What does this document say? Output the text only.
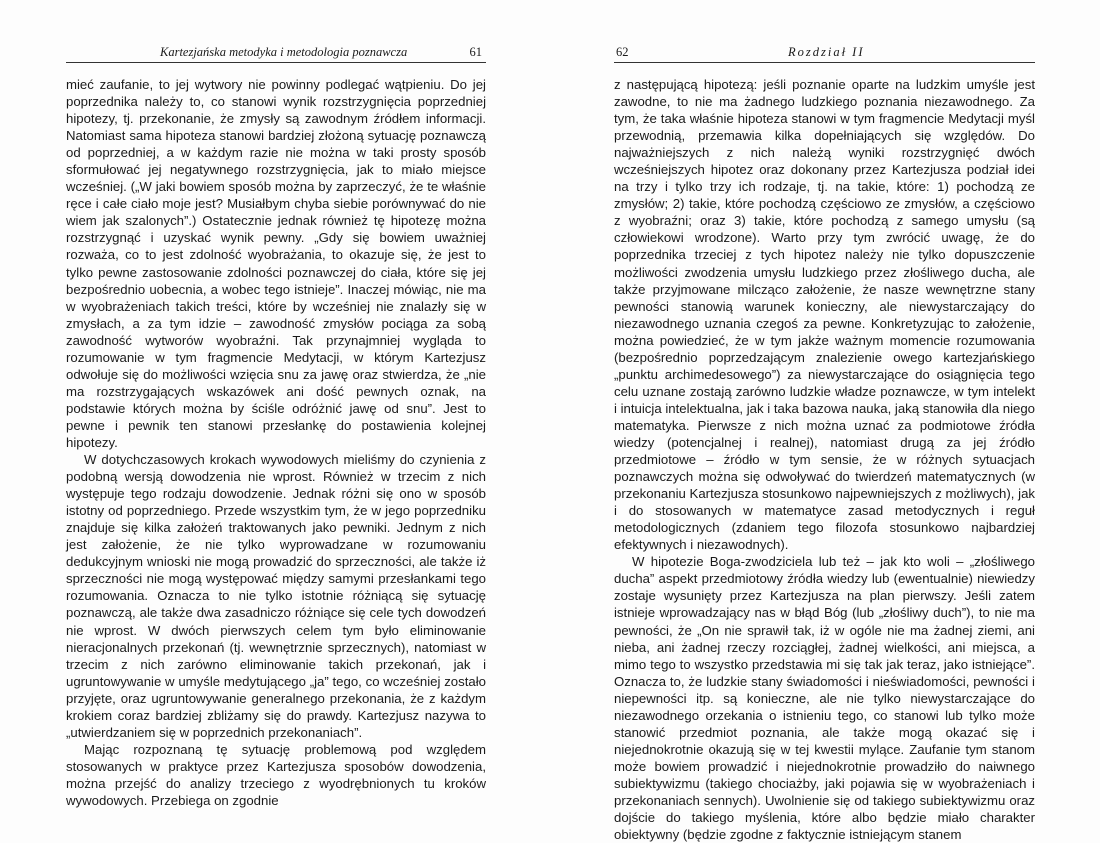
Kartezjańska metodyka i metodologia poznawcza	61

mieć zaufanie, to jej wytwory nie powinny podlegać wątpieniu. Do jej poprzednika należy to, co stanowi wynik rozstrzygnięcia poprzedniej hipotezy, tj. przekonanie, że zmysły są zawodnym źródłem informacji. Natomiast sama hipoteza stanowi bardziej złożoną sytuację poznawczą od poprzedniej, a w każdym razie nie można w taki prosty sposób sformułować jej negatywnego rozstrzygnięcia, jak to miało miejsce wcześniej. („W jaki bowiem sposób można by zaprzeczyć, że te właśnie ręce i całe ciało moje jest? Musiałbym chyba siebie porównywać do nie wiem jak szalonych”.) Ostatecznie jednak również tę hipotezę można rozstrzygnąć i uzyskać wynik pewny. „Gdy się bowiem uważniej rozważa, co to jest zdolność wyobrażania, to okazuje się, że jest to tylko pewne zastosowanie zdolności poznawczej do ciała, które się jej bezpośrednio uobecnia, a wobec tego istnieje”. Inaczej mówiąc, nie ma w wyobrażeniach takich treści, które by wcześniej nie znalazły się w zmysłach, a za tym idzie – zawodność zmysłów pociąga za sobą zawodność wytworów wyobraźni. Tak przynajmniej wygląda to rozumowanie w tym fragmencie Medytacji, w którym Kartezjusz odwołuje się do możliwości wzięcia snu za jawę oraz stwierdza, że „nie ma rozstrzygających wskazówek ani dość pewnych oznak, na podstawie których można by ściśle odróżnić jawę od snu”. Jest to pewne i pewnik ten stanowi przesłankę do postawienia kolejnej hipotezy.

W dotychczasowych krokach wywodowych mieliśmy do czynienia z podobną wersją dowodzenia nie wprost. Również w trzecim z nich występuje tego rodzaju dowodzenie. Jednak różni się ono w sposób istotny od poprzedniego. Przede wszystkim tym, że w jego poprzedniku znajduje się kilka założeń traktowanych jako pewniki. Jednym z nich jest założenie, że nie tylko wyprowadzane w rozumowaniu dedukcyjnym wnioski nie mogą prowadzić do sprzeczności, ale także iż sprzeczności nie mogą występować między samymi przesłankami tego rozumowania. Oznacza to nie tylko istotnie różniącą się sytuację poznawczą, ale także dwa zasadniczo różniące się cele tych dowodzeń nie wprost. W dwóch pierwszych celem tym było eliminowanie nieracjonalnych przekonań (tj. wewnętrznie sprzecznych), natomiast w trzecim z nich zarówno eliminowanie takich przekonań, jak i ugruntowywanie w umyśle medytującego „ja” tego, co wcześniej zostało przyjęte, oraz ugruntowywanie generalnego przekonania, że z każdym krokiem coraz bardziej zbliżamy się do prawdy. Kartezjusz nazywa to „utwierdzaniem się w poprzednich przekonaniach”.

Mając rozpoznaną tę sytuację problemową pod względem stosowanych w praktyce przez Kartezjusza sposobów dowodzenia, można przejść do analizy trzeciego z wyodrębnionych tu kroków wywodowych. Przebiega on zgodnie

62	Rozdział II

z następującą hipotezą: jeśli poznanie oparte na ludzkim umyśle jest zawodne, to nie ma żadnego ludzkiego poznania niezawodnego. Za tym, że taka właśnie hipoteza stanowi w tym fragmencie Medytacji myśl przewodnią, przemawia kilka dopełniających się względów. Do najważniejszych z nich należą wyniki rozstrzygnięć dwóch wcześniejszych hipotez oraz dokonany przez Kartezjusza podział idei na trzy i tylko trzy ich rodzaje, tj. na takie, które: 1) pochodzą ze zmysłów; 2) takie, które pochodzą częściowo ze zmysłów, a częściowo z wyobraźni; oraz 3) takie, które pochodzą z samego umysłu (są człowiekowi wrodzone). Warto przy tym zwrócić uwagę, że do poprzednika trzeciej z tych hipotez należy nie tylko dopuszczenie możliwości zwodzenia umysłu ludzkiego przez złośliwego ducha, ale także przyjmowane milcząco założenie, że nasze wewnętrzne stany pewności stanowią warunek konieczny, ale niewystarczający do niezawodnego uznania czegoś za pewne. Konkretyzując to założenie, można powiedzieć, że w tym jakże ważnym momencie rozumowania (bezpośrednio poprzedzającym znalezienie owego kartezjańskiego „punktu archimedesowego”) za niewystarczające do osiągnięcia tego celu uznane zostają zarówno ludzkie władze poznawcze, w tym intelekt i intuicja intelektualna, jak i taka bazowa nauka, jaką stanowiła dla niego matematyka. Pierwsze z nich można uznać za podmiotowe źródła wiedzy (potencjalnej i realnej), natomiast drugą za jej źródło przedmiotowe – źródło w tym sensie, że w różnych sytuacjach poznawczych można się odwoływać do twierdzeń matematycznych (w przekonaniu Kartezjusza stosunkowo najpewniejszych z możliwych), jak i do stosowanych w matematyce zasad metodycznych i reguł metodologicznych (zdaniem tego filozofa stosunkowo najbardziej efektywnych i niezawodnych).

W hipotezie Boga-zwodziciela lub też – jak kto woli – „złośliwego ducha” aspekt przedmiotowy źródła wiedzy lub (ewentualnie) niewiedzy zostaje wysunięty przez Kartezjusza na plan pierwszy. Jeśli zatem istnieje wprowadzający nas w błąd Bóg (lub „złośliwy duch”), to nie ma pewności, że „On nie sprawił tak, iż w ogóle nie ma żadnej ziemi, ani nieba, ani żadnej rzeczy rozciągłej, żadnej wielkości, ani miejsca, a mimo tego to wszystko przedstawia mi się tak jak teraz, jako istniejące”. Oznacza to, że ludzkie stany świadomości i nieświadomości, pewności i niepewności itp. są konieczne, ale nie tylko niewystarczające do niezawodnego orzekania o istnieniu tego, co stanowi lub tylko może stanowić przedmiot poznania, ale także mogą okazać się i niejednokrotnie okazują się w tej kwestii mylące. Zaufanie tym stanom może bowiem prowadzić i niejednokrotnie prowadziło do naiwnego subiektywizmu (takiego chociażby, jaki pojawia się w wyobrażeniach i przekonaniach sennych). Uwolnienie się od takiego subiektywizmu oraz dojście do takiego myślenia, które albo będzie miało charakter obiektywny (będzie zgodne z faktycznie istniejącym stanem
